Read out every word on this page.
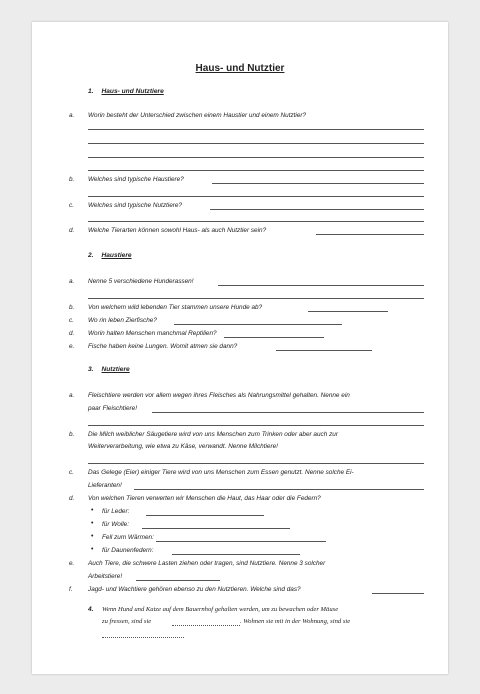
Haus- und Nutztier
1. Haus- und Nutztiere
a. Worin besteht der Unterschied zwischen einem Haustier und einem Nutztier?
b. Welches sind typische Haustiere?
c. Welches sind typische Nutztiere?
d. Welche Tierarten können sowohl Haus- als auch Nutztier sein?
2. Haustiere
a. Nenne 5 verschiedene Hunderassen!
b. Von welchem wild lebenden Tier stammen unsere Hunde ab?
c. Wo rin leben Zierfische?
d. Worin halten Menschen manchmal Reptilien?
e. Fische haben keine Lungen. Womit atmen sie dann?
3. Nutztiere
a. Fleischtiere werden vor allem wegen ihres Fleisches als Nahrungsmittel gehalten. Nenne ein
paar Fleischtiere!
b. Die Milch weiblicher Säugetiere wird von uns Menschen zum Trinken oder aber auch zur
Weiterverarbeitung, wie etwa zu Käse, verwandt. Nenne Milchtiere!
c. Das Gelege (Eier) einiger Tiere wird von uns Menschen zum Essen genutzt. Nenne solche Ei-
Lieferanten!
d. Von welchen Tieren verwerten wir Menschen die Haut, das Haar oder die Federn?
• für Leder:
• für Wolle:
• Fell zum Wärmen:
• für Daunenfedern:
e. Auch Tiere, die schwere Lasten ziehen oder tragen, sind Nutztiere. Nenne 3 solcher
Arbeitstiere!
f. Jagd- und Wachtiere gehören ebenso zu den Nutztieren. Welche sind das?
4. Wenn Hund und Katze auf dem Bauernhof gehalten werden, um zu bewachen oder Mäuse
zu fressen, sind sie	. Wohnen sie mit in der Wohnung, sind sie
